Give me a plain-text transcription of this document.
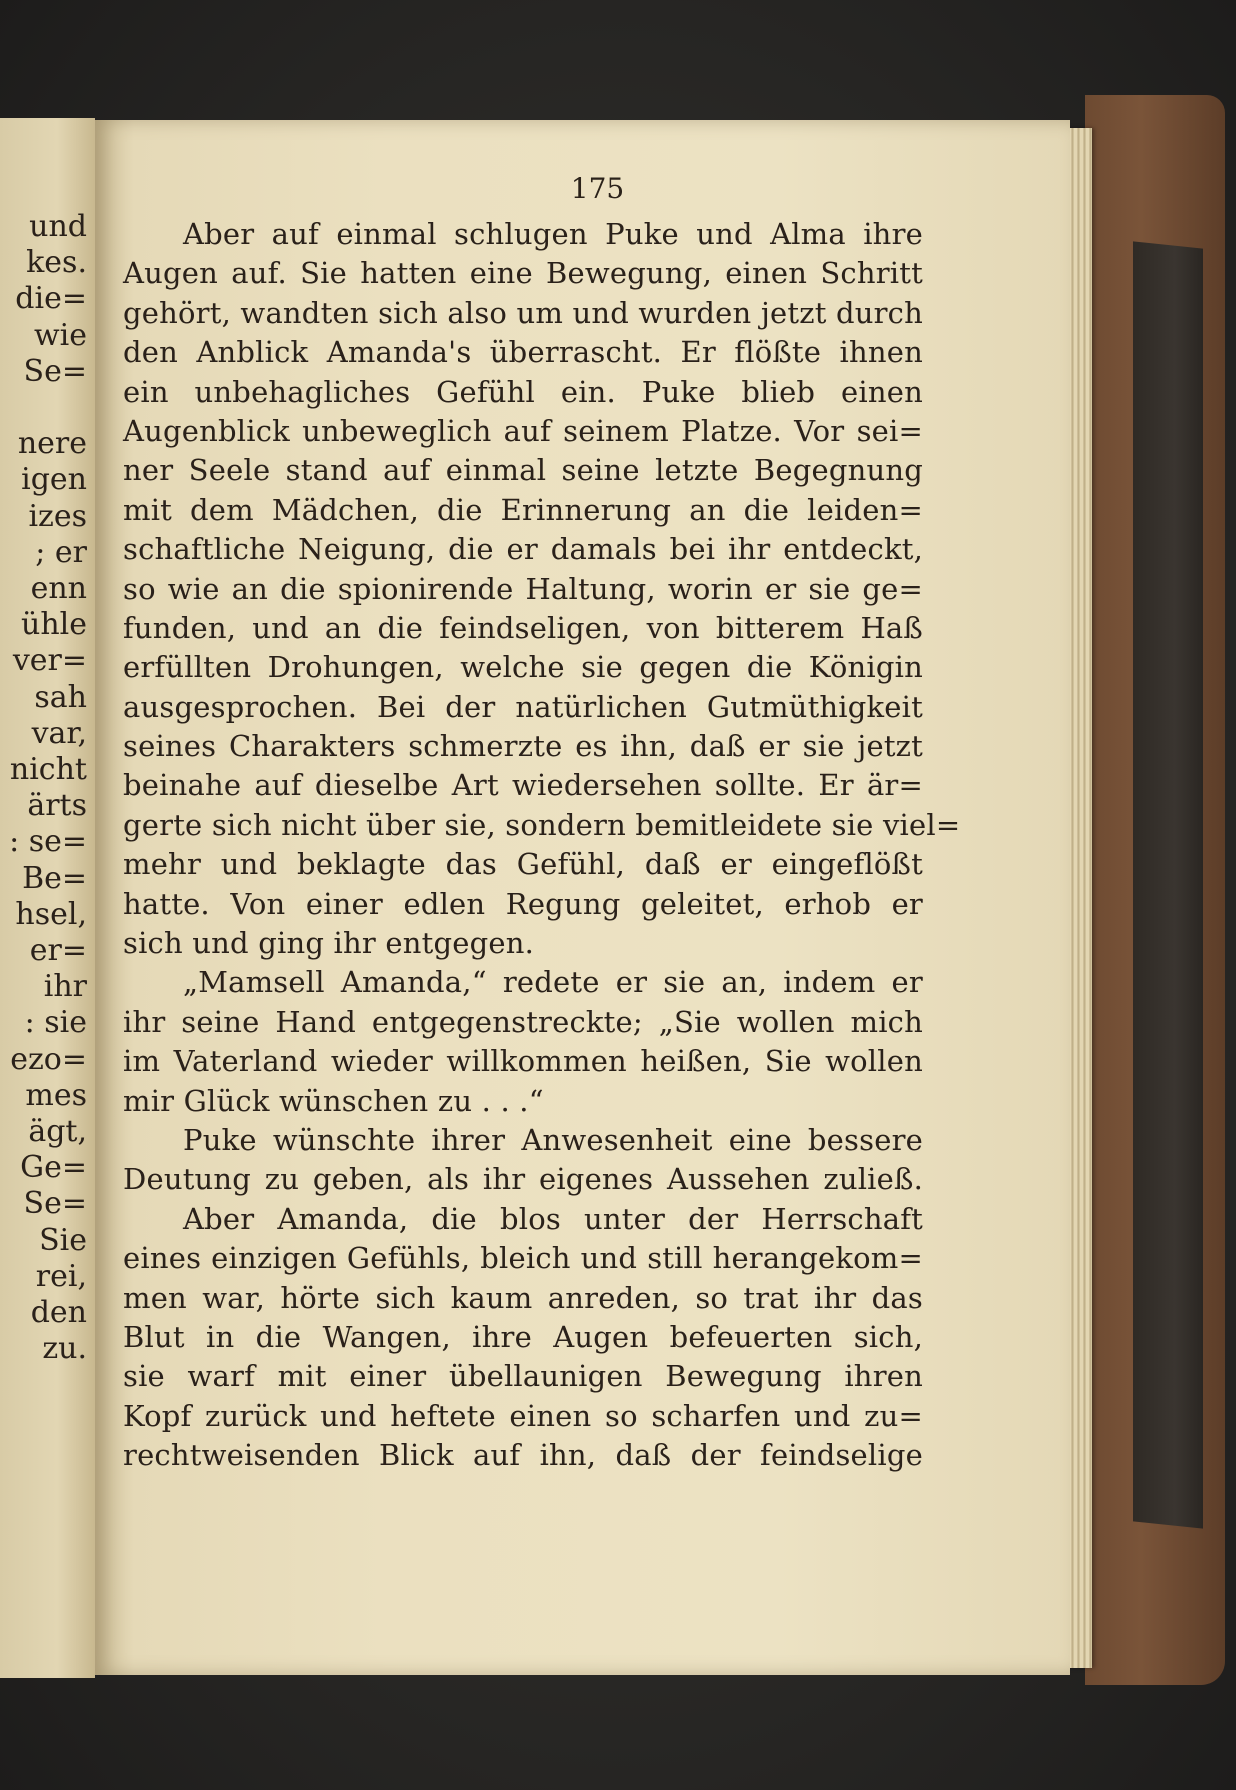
und
kes.
die=
wie
Se=
nere
igen
izes
; er
enn
ühle
ver=
sah
var,
nicht
ärts
: se=
Be=
hsel,
er=
ihr
: sie
ezo=
mes
ägt,
Ge=
Se=
Sie
rei,
den
zu.
175
Aber auf einmal schlugen Puke und Alma ihre
Augen auf. Sie hatten eine Bewegung, einen Schritt
gehört, wandten sich also um und wurden jetzt durch
den Anblick Amanda's überrascht. Er flößte ihnen
ein unbehagliches Gefühl ein. Puke blieb einen
Augenblick unbeweglich auf seinem Platze. Vor sei=
ner Seele stand auf einmal seine letzte Begegnung
mit dem Mädchen, die Erinnerung an die leiden=
schaftliche Neigung, die er damals bei ihr entdeckt,
so wie an die spionirende Haltung, worin er sie ge=
funden, und an die feindseligen, von bitterem Haß
erfüllten Drohungen, welche sie gegen die Königin
ausgesprochen. Bei der natürlichen Gutmüthigkeit
seines Charakters schmerzte es ihn, daß er sie jetzt
beinahe auf dieselbe Art wiedersehen sollte. Er är=
gerte sich nicht über sie, sondern bemitleidete sie viel=
mehr und beklagte das Gefühl, daß er eingeflößt
hatte. Von einer edlen Regung geleitet, erhob er
sich und ging ihr entgegen.
„Mamsell Amanda,“ redete er sie an, indem er
ihr seine Hand entgegenstreckte; „Sie wollen mich
im Vaterland wieder willkommen heißen, Sie wollen
mir Glück wünschen zu . . .“
Puke wünschte ihrer Anwesenheit eine bessere
Deutung zu geben, als ihr eigenes Aussehen zuließ.
Aber Amanda, die blos unter der Herrschaft
eines einzigen Gefühls, bleich und still herangekom=
men war, hörte sich kaum anreden, so trat ihr das
Blut in die Wangen, ihre Augen befeuerten sich,
sie warf mit einer übellaunigen Bewegung ihren
Kopf zurück und heftete einen so scharfen und zu=
rechtweisenden Blick auf ihn, daß der feindselige
